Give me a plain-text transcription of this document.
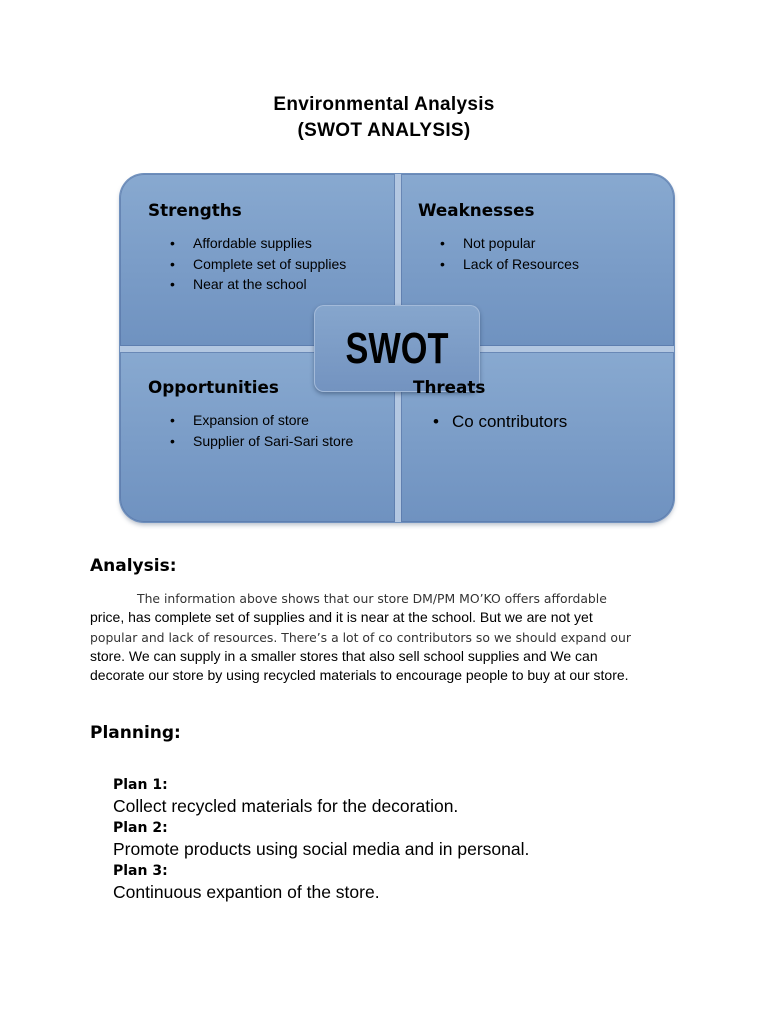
Environmental Analysis
(SWOT ANALYSIS)
Strengths
• Affordable supplies
• Complete set of supplies
• Near at the school
Weaknesses
• Not popular
• Lack of Resources
Opportunities
• Expansion of store
• Supplier of Sari-Sari store
Threats
• Co contributors
SWOT
Analysis:
The information above shows that our store DM/PM MO’KO offers affordable
price, has complete set of supplies and it is near at the school. But we are not yet
popular and lack of resources. There’s a lot of co contributors so we should expand our
store. We can supply in a smaller stores that also sell school supplies and We can
decorate our store by using recycled materials to encourage people to buy at our store.
Planning:
Plan 1:
Collect recycled materials for the decoration.
Plan 2:
Promote products using social media and in personal.
Plan 3:
Continuous expantion of the store.
